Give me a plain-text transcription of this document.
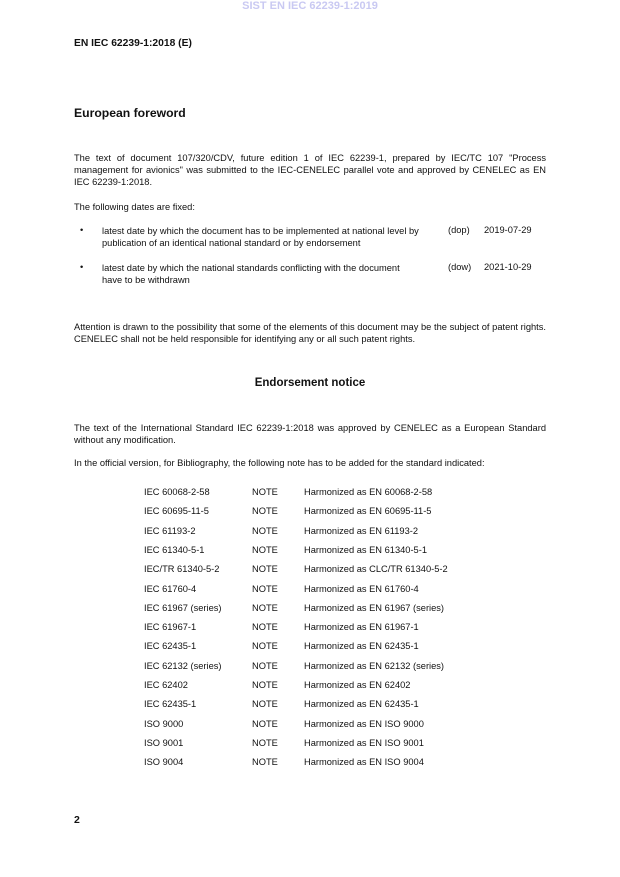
SIST EN IEC 62239-1:2019
EN IEC 62239-1:2018 (E)
European foreword
The text of document 107/320/CDV, future edition 1 of IEC 62239-1, prepared by IEC/TC 107 "Process management for avionics" was submitted to the IEC-CENELEC parallel vote and approved by CENELEC as EN IEC 62239-1:2018.
The following dates are fixed:
• latest date by which the document has to be implemented at national level by publication of an identical national standard or by endorsement
(dop) 2019-07-29
• latest date by which the national standards conflicting with the document have to be withdrawn
(dow) 2021-10-29
Attention is drawn to the possibility that some of the elements of this document may be the subject of patent rights. CENELEC shall not be held responsible for identifying any or all such patent rights.
Endorsement notice
The text of the International Standard IEC 62239-1:2018 was approved by CENELEC as a European Standard without any modification.
In the official version, for Bibliography, the following note has to be added for the standard indicated:
IEC 60068-2-58	NOTE	Harmonized as EN 60068-2-58
IEC 60695-11-5	NOTE	Harmonized as EN 60695-11-5
IEC 61193-2	NOTE	Harmonized as EN 61193-2
IEC 61340-5-1	NOTE	Harmonized as EN 61340-5-1
IEC/TR 61340-5-2	NOTE	Harmonized as CLC/TR 61340-5-2
IEC 61760-4	NOTE	Harmonized as EN 61760-4
IEC 61967 (series)	NOTE	Harmonized as EN 61967 (series)
IEC 61967-1	NOTE	Harmonized as EN 61967-1
IEC 62435-1	NOTE	Harmonized as EN 62435-1
IEC 62132 (series)	NOTE	Harmonized as EN 62132 (series)
IEC 62402	NOTE	Harmonized as EN 62402
IEC 62435-1	NOTE	Harmonized as EN 62435-1
ISO 9000	NOTE	Harmonized as EN ISO 9000
ISO 9001	NOTE	Harmonized as EN ISO 9001
ISO 9004	NOTE	Harmonized as EN ISO 9004
2
